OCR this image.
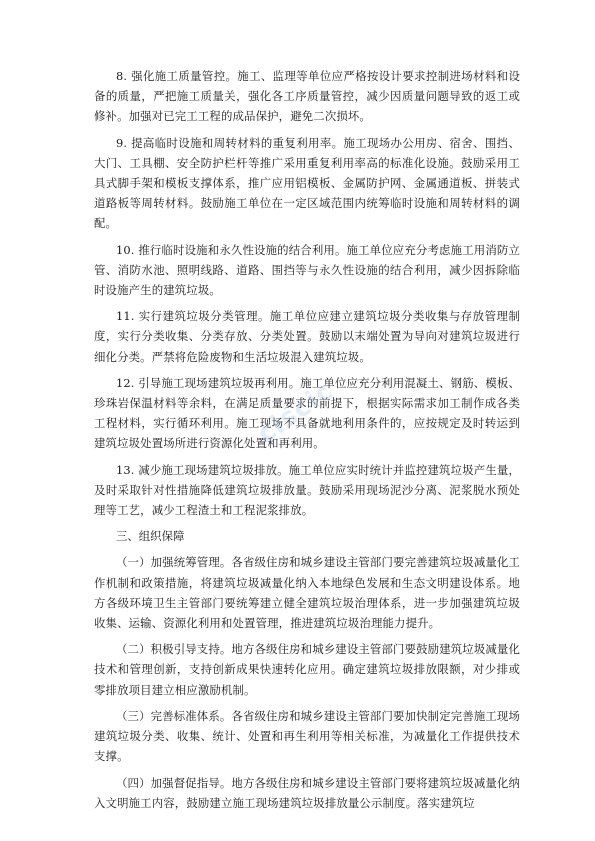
8. 强化施工质量管控。施工、监理等单位应严格按设计要求控制进场材料和设备的质量，严把施工质量关，强化各工序质量管控，减少因质量问题导致的返工或修补。加强对已完工工程的成品保护，避免二次损坏。

9. 提高临时设施和周转材料的重复利用率。施工现场办公用房、宿舍、围挡、大门、工具棚、安全防护栏杆等推广采用重复利用率高的标准化设施。鼓励采用工具式脚手架和模板支撑体系，推广应用铝模板、金属防护网、金属通道板、拼装式道路板等周转材料。鼓励施工单位在一定区域范围内统筹临时设施和周转材料的调配。

10. 推行临时设施和永久性设施的结合利用。施工单位应充分考虑施工用消防立管、消防水池、照明线路、道路、围挡等与永久性设施的结合利用，减少因拆除临时设施产生的建筑垃圾。

11. 实行建筑垃圾分类管理。施工单位应建立建筑垃圾分类收集与存放管理制度，实行分类收集、分类存放、分类处置。鼓励以末端处置为导向对建筑垃圾进行细化分类。严禁将危险废物和生活垃圾混入建筑垃圾。

12. 引导施工现场建筑垃圾再利用。施工单位应充分利用混凝土、钢筋、模板、珍珠岩保温材料等余料，在满足质量要求的前提下，根据实际需求加工制作成各类工程材料，实行循环利用。施工现场不具备就地利用条件的，应按规定及时转运到建筑垃圾处置场所进行资源化处置和再利用。

13. 减少施工现场建筑垃圾排放。施工单位应实时统计并监控建筑垃圾产生量，及时采取针对性措施降低建筑垃圾排放量。鼓励采用现场泥沙分离、泥浆脱水预处理等工艺，减少工程渣土和工程泥浆排放。

三、组织保障

（一）加强统筹管理。各省级住房和城乡建设主管部门要完善建筑垃圾减量化工作机制和政策措施，将建筑垃圾减量化纳入本地绿色发展和生态文明建设体系。地方各级环境卫生主管部门要统筹建立健全建筑垃圾治理体系，进一步加强建筑垃圾收集、运输、资源化利用和处置管理，推进建筑垃圾治理能力提升。

（二）积极引导支持。地方各级住房和城乡建设主管部门要鼓励建筑垃圾减量化技术和管理创新，支持创新成果快速转化应用。确定建筑垃圾排放限额，对少排或零排放项目建立相应激励机制。

（三）完善标准体系。各省级住房和城乡建设主管部门要加快制定完善施工现场建筑垃圾分类、收集、统计、处置和再生利用等相关标准，为减量化工作提供技术支撑。

（四）加强督促指导。地方各级住房和城乡建设主管部门要将建筑垃圾减量化纳入文明施工内容，鼓励建立施工现场建筑垃圾排放量公示制度。落实建筑垃

ciscic
